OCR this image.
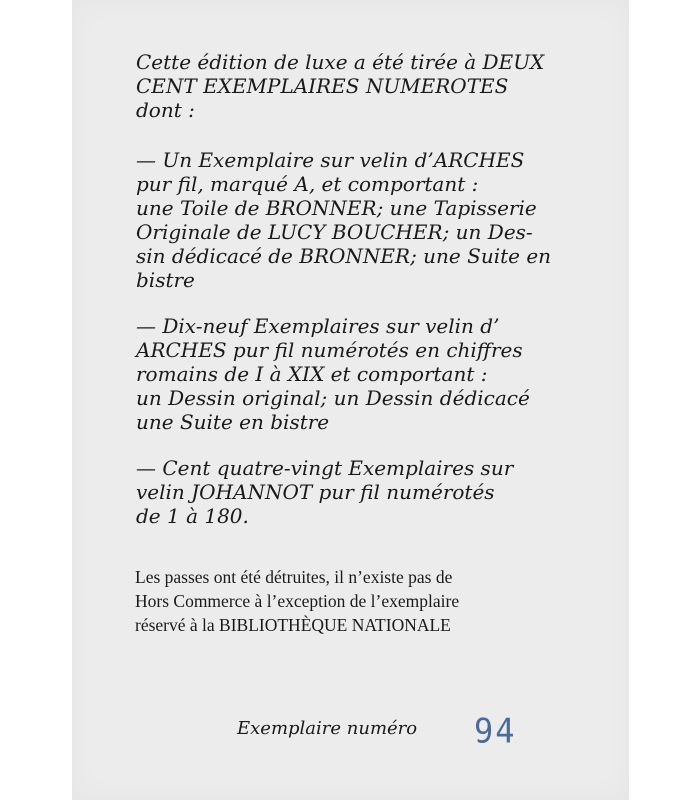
Cette édition de luxe a été tirée à DEUX
CENT EXEMPLAIRES NUMEROTES
dont :
— Un Exemplaire sur velin d’ARCHES
pur fil, marqué A, et comportant :
une Toile de BRONNER; une Tapisserie
Originale de LUCY BOUCHER; un Des-
sin dédicacé de BRONNER; une Suite en
bistre
— Dix-neuf Exemplaires sur velin d’
ARCHES pur fil numérotés en chiffres
romains de I à XIX et comportant :
un Dessin original; un Dessin dédicacé
une Suite en bistre
— Cent quatre-vingt Exemplaires sur
velin JOHANNOT pur fil numérotés
de 1 à 180.
Les passes ont été détruites, il n’existe pas de
Hors Commerce à l’exception de l’exemplaire
réservé à la BIBLIOTHÈQUE NATIONALE
Exemplaire numéro 94
